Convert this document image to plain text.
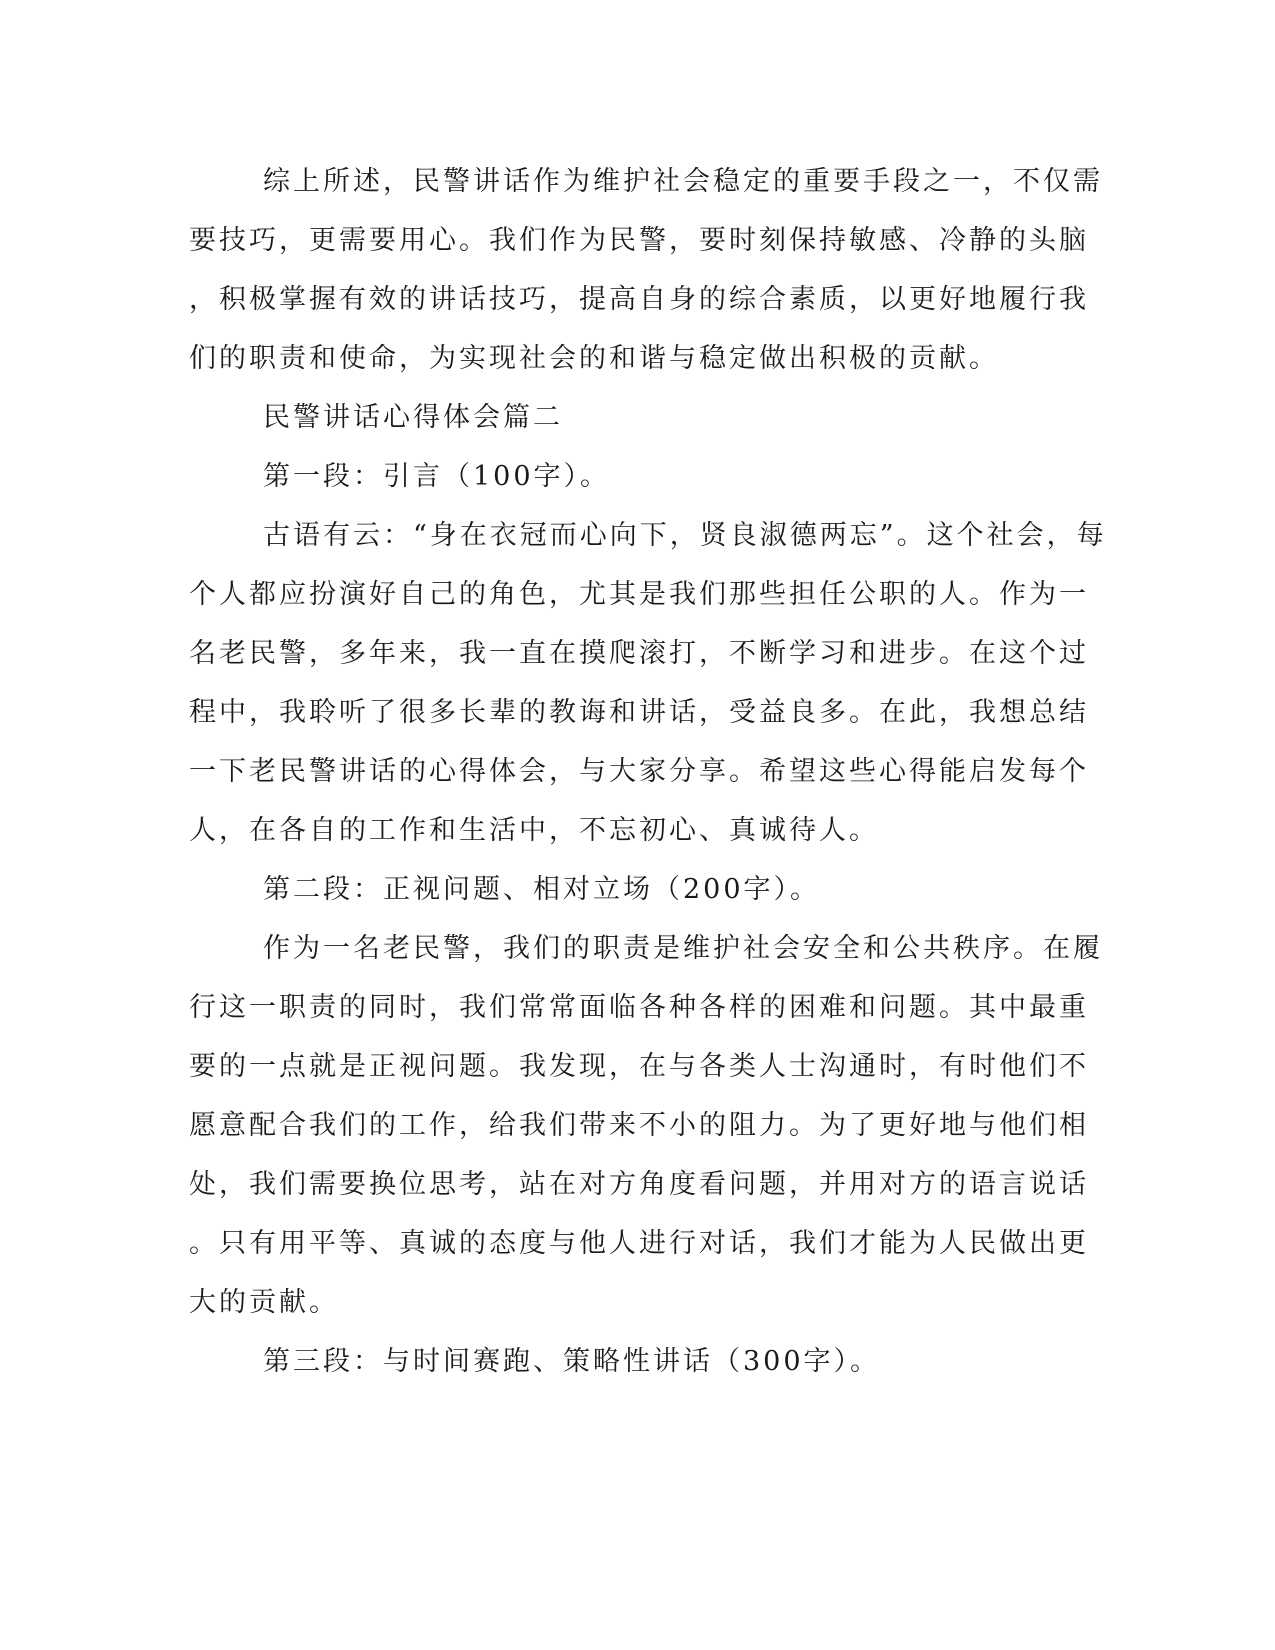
综上所述，民警讲话作为维护社会稳定的重要手段之一，不仅需
要技巧，更需要用心。我们作为民警，要时刻保持敏感、冷静的头脑
，积极掌握有效的讲话技巧，提高自身的综合素质，以更好地履行我
们的职责和使命，为实现社会的和谐与稳定做出积极的贡献。
民警讲话心得体会篇二
第一段：引言（100字）。
古语有云：“身在衣冠而心向下，贤良淑德两忘”。这个社会，每
个人都应扮演好自己的角色，尤其是我们那些担任公职的人。作为一
名老民警，多年来，我一直在摸爬滚打，不断学习和进步。在这个过
程中，我聆听了很多长辈的教诲和讲话，受益良多。在此，我想总结
一下老民警讲话的心得体会，与大家分享。希望这些心得能启发每个
人，在各自的工作和生活中，不忘初心、真诚待人。
第二段：正视问题、相对立场（200字）。
作为一名老民警，我们的职责是维护社会安全和公共秩序。在履
行这一职责的同时，我们常常面临各种各样的困难和问题。其中最重
要的一点就是正视问题。我发现，在与各类人士沟通时，有时他们不
愿意配合我们的工作，给我们带来不小的阻力。为了更好地与他们相
处，我们需要换位思考，站在对方角度看问题，并用对方的语言说话
。只有用平等、真诚的态度与他人进行对话，我们才能为人民做出更
大的贡献。
第三段：与时间赛跑、策略性讲话（300字）。
